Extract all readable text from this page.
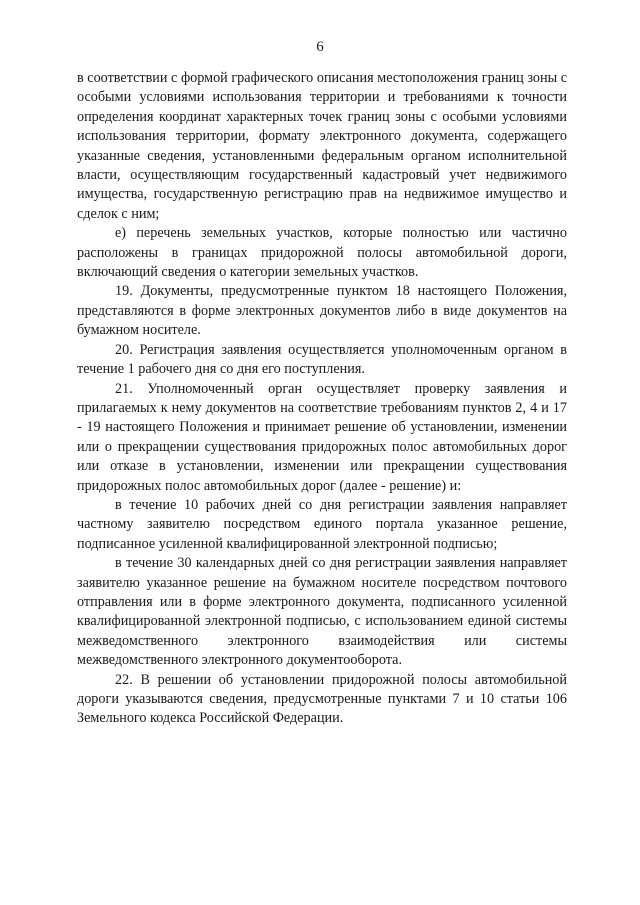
6

в соответствии с формой графического описания местоположения границ зоны с особыми условиями использования территории и требованиями к точности определения координат характерных точек границ зоны с особыми условиями использования территории, формату электронного документа, содержащего указанные сведения, установленными федеральным органом исполнительной власти, осуществляющим государственный кадастровый учет недвижимого имущества, государственную регистрацию прав на недвижимое имущество и сделок с ним;

е) перечень земельных участков, которые полностью или частично расположены в границах придорожной полосы автомобильной дороги, включающий сведения о категории земельных участков.

19. Документы, предусмотренные пунктом 18 настоящего Положения, представляются в форме электронных документов либо в виде документов на бумажном носителе.

20. Регистрация заявления осуществляется уполномоченным органом в течение 1 рабочего дня со дня его поступления.

21. Уполномоченный орган осуществляет проверку заявления и прилагаемых к нему документов на соответствие требованиям пунктов 2, 4 и 17 - 19 настоящего Положения и принимает решение об установлении, изменении или о прекращении существования придорожных полос автомобильных дорог или отказе в установлении, изменении или прекращении существования придорожных полос автомобильных дорог (далее - решение) и:

в течение 10 рабочих дней со дня регистрации заявления направляет частному заявителю посредством единого портала указанное решение, подписанное усиленной квалифицированной электронной подписью;

в течение 30 календарных дней со дня регистрации заявления направляет заявителю указанное решение на бумажном носителе посредством почтового отправления или в форме электронного документа, подписанного усиленной квалифицированной электронной подписью, с использованием единой системы межведомственного электронного взаимодействия или системы межведомственного электронного документооборота.

22. В решении об установлении придорожной полосы автомобильной дороги указываются сведения, предусмотренные пунктами 7 и 10 статьи 106 Земельного кодекса Российской Федерации.
